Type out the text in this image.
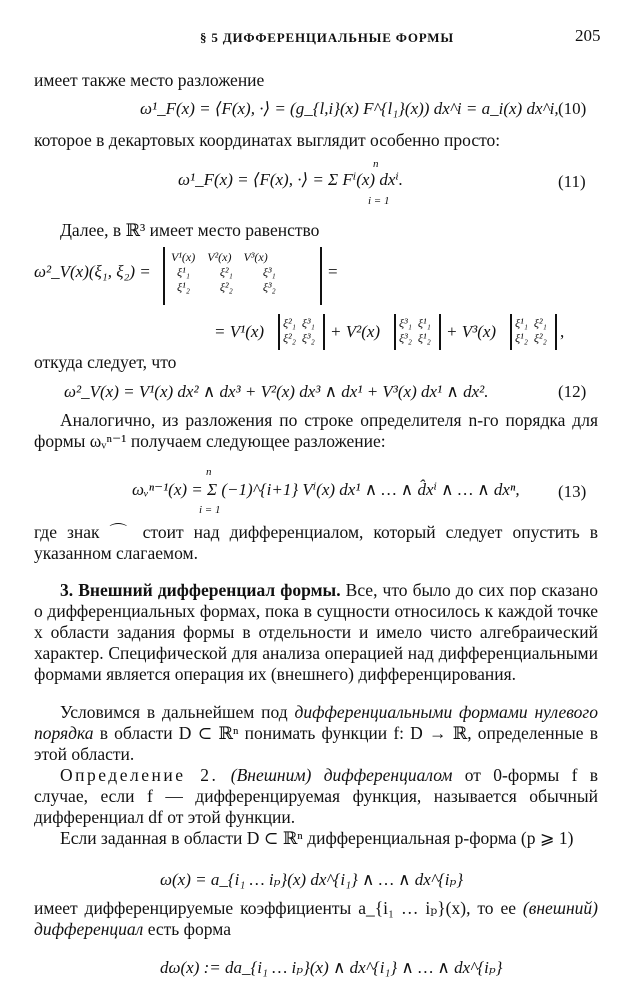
§ 5 ДИФФЕРЕНЦИАЛЬНЫЕ ФОРМЫ	205
имеет также место разложение
ω¹_F(x) = ⟨F(x), ·⟩ = (g_{l,i}(x) F^{l₁}(x)) dx^i = a_i(x) dx^i, (10)
которое в декартовых координатах выглядит особенно просто:
ω¹_F(x) = ⟨F(x), ·⟩ = Σ Fⁱ(x) dxⁱ.
n
i = 1
(11)
Далее, в ℝ³ имеет место равенство
ω²_V(x)(ξ₁, ξ₂) =
V¹(x)    V²(x)    V³(x)
ξ¹₁          ξ²₁          ξ³₁
ξ¹₂          ξ²₂          ξ³₂
=
= V¹(x) ξ²₁  ξ³₁
ξ²₂  ξ³₂ + V²(x) ξ³₁  ξ¹₁
ξ³₂  ξ¹₂ + V³(x) ξ¹₁  ξ²₁
ξ¹₂  ξ²₂ ,
откуда следует, что
ω²_V(x) = V¹(x) dx² ∧ dx³ + V²(x) dx³ ∧ dx¹ + V³(x) dx¹ ∧ dx².	(12)
Аналогично, из разложения по строке определителя n-го порядка для формы ωᵥⁿ⁻¹ получаем следующее разложение:
ωᵥⁿ⁻¹(x) = Σ (−1)^{i+1} Vⁱ(x) dx¹ ∧ … ∧ d̂xⁱ ∧ … ∧ dxⁿ,
n
i = 1
(13)
где знак ⌒ стоит над дифференциалом, который следует опустить в указанном слагаемом.
3. Внешний дифференциал формы. Все, что было до сих пор сказано о дифференциальных формах, пока в сущности относилось к каждой точке x области задания формы в отдельности и имело чисто алгебраический характер. Специфической для анализа операцией над дифференциальными формами является операция их (внешнего) дифференцирования.
Условимся в дальнейшем под дифференциальными формами нулевого порядка в области D ⊂ ℝⁿ понимать функции f: D → ℝ, определенные в этой области.
Определение 2. (Внешним) дифференциалом от 0-формы f в случае, если f — дифференцируемая функция, называется обычный дифференциал df от этой функции.
Если заданная в области D ⊂ ℝⁿ дифференциальная p-форма (p ⩾ 1)
ω(x) = a_{i₁ … iₚ}(x) dx^{i₁} ∧ … ∧ dx^{iₚ}
имеет дифференцируемые коэффициенты a_{i₁ … iₚ}(x), то ее (внешний) дифференциал есть форма
dω(x) := da_{i₁ … iₚ}(x) ∧ dx^{i₁} ∧ … ∧ dx^{iₚ}
